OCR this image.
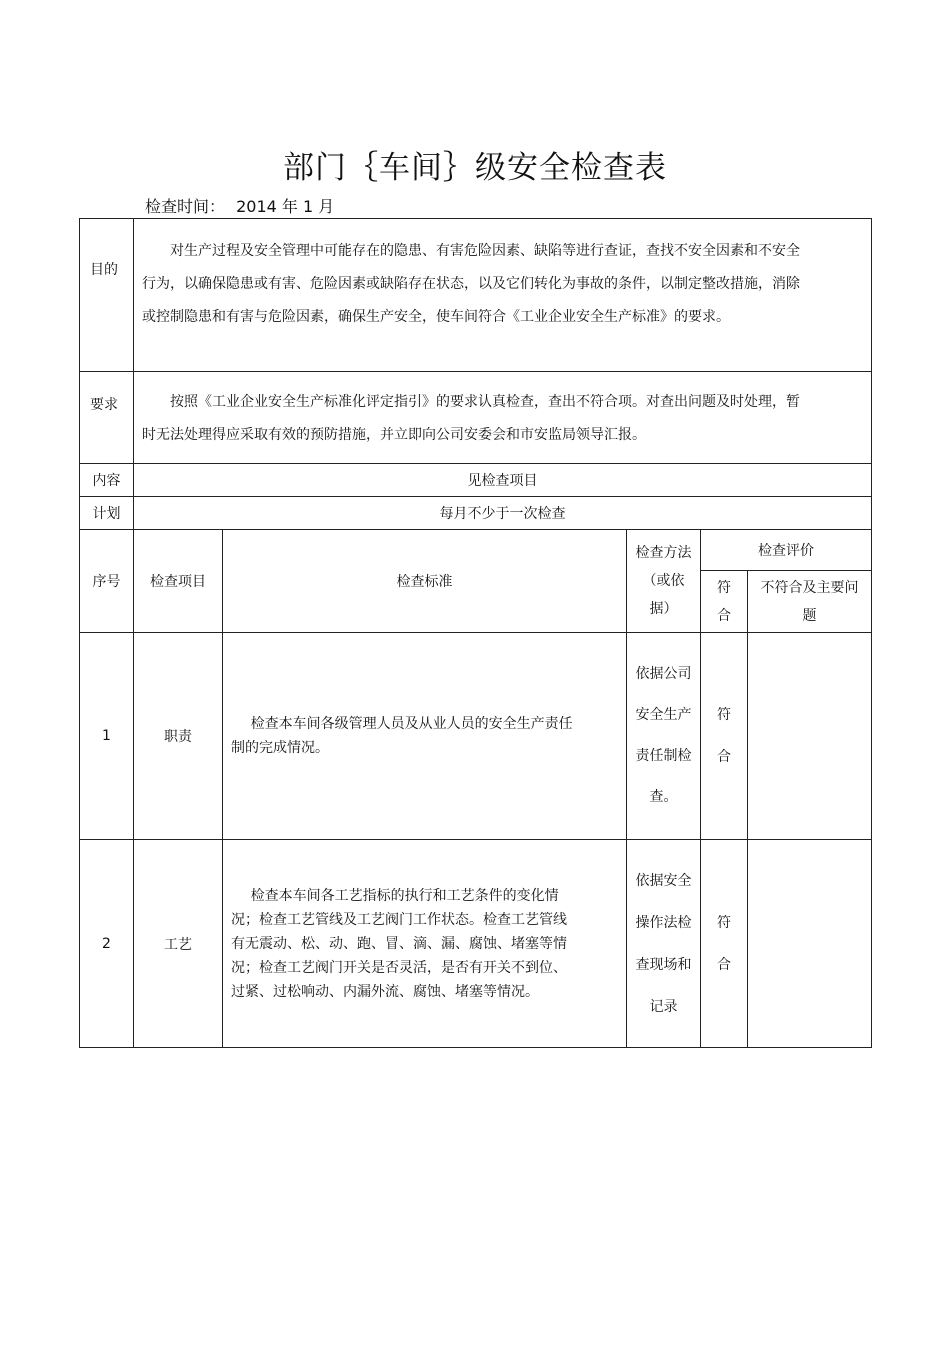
部门｛车间｝级安全检查表
检查时间： 2014 年 1 月
目的	对生产过程及安全管理中可能存在的隐患、有害危险因素、缺陷等进行查证，查找不安全因素和不安全行为，以确保隐患或有害、危险因素或缺陷存在状态，以及它们转化为事故的条件，以制定整改措施，消除或控制隐患和有害与危险因素，确保生产安全，使车间符合《工业企业安全生产标准》的要求。				
要求	按照《工业企业安全生产标准化评定指引》的要求认真检查，查出不符合项。对查出问题及时处理，暂时无法处理得应采取有效的预防措施，并立即向公司安委会和市安监局领导汇报。				
内容	见检查项目				
计划	每月不少于一次检查				
序号	检查项目	检查标准	检查方法（或依据）	检查评价	
				符合	不符合及主要问题
1	职责	检查本车间各级管理人员及从业人员的安全生产责任制的完成情况。	依据公司安全生产责任制检查。	符合	
2	工艺	检查本车间各工艺指标的执行和工艺条件的变化情况；检查工艺管线及工艺阀门工作状态。检查工艺管线有无震动、松、动、跑、冒、滴、漏、腐蚀、堵塞等情况；检查工艺阀门开关是否灵活，是否有开关不到位、过紧、过松响动、内漏外流、腐蚀、堵塞等情况。	依据安全操作法检查现场和记录	符合	
